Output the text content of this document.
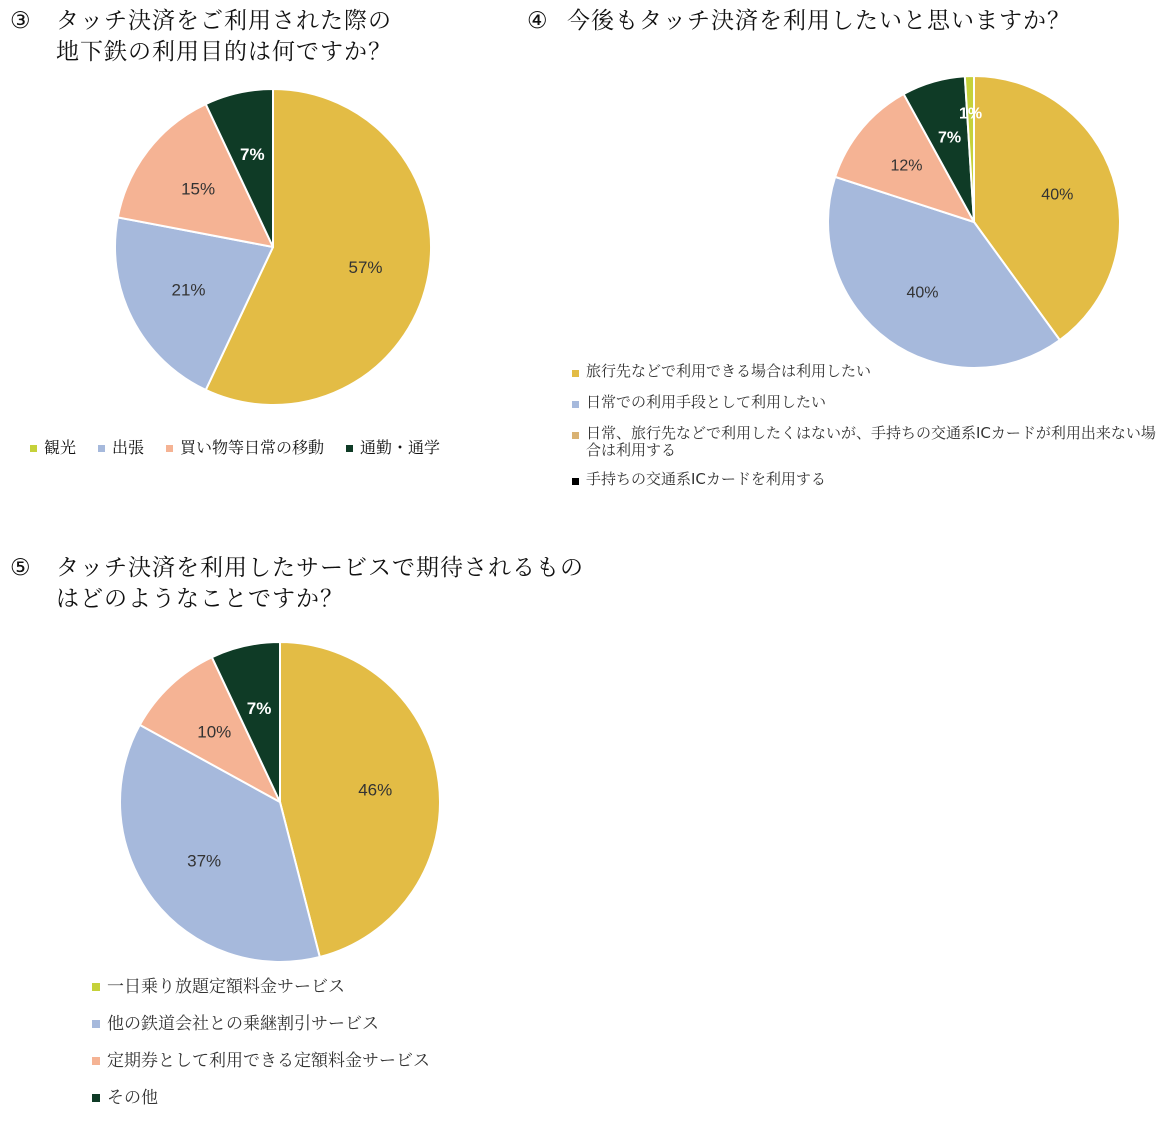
③	タッチ決済をご利用された際の
地下鉄の利用目的は何ですか？
57%
21%
15%
7%
観光 出張 買い物等日常の移動 通勤・通学
④ 今後もタッチ決済を利用したいと思いますか？
40%
40%
12%
7%
1%
旅行先などで利用できる場合は利用したい
日常での利用手段として利用したい
日常、旅行先などで利用したくはないが、手持ちの交通系ICカードが利用出来ない場合は利用する
手持ちの交通系ICカードを利用する
⑤	タッチ決済を利用したサービスで期待されるもの
はどのようなことですか？
46%
37%
10%
7%
一日乗り放題定額料金サービス
他の鉄道会社との乗継割引サービス
定期券として利用できる定額料金サービス
その他
